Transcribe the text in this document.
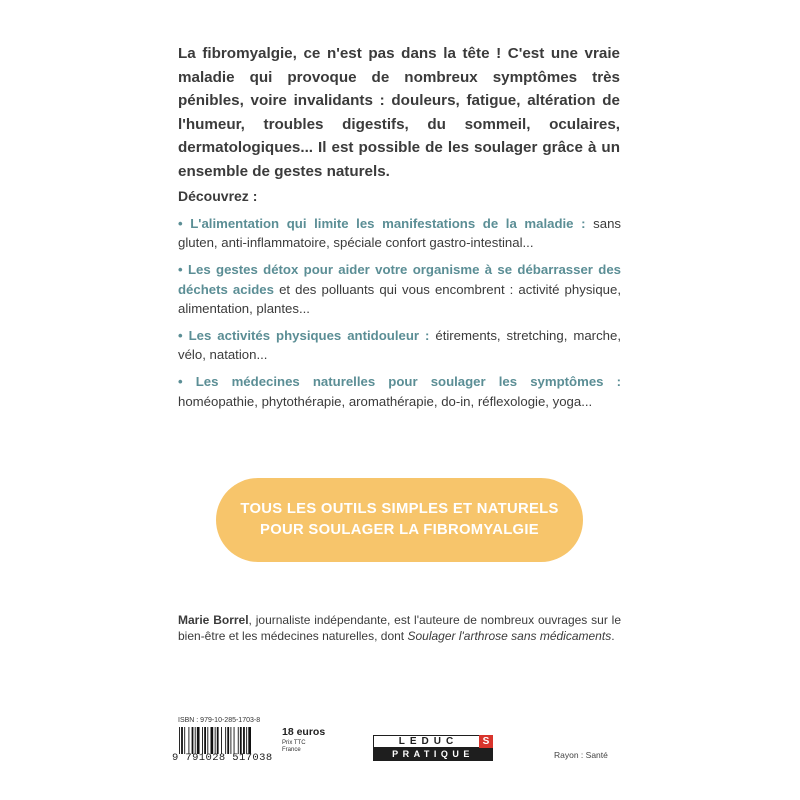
La fibromyalgie, ce n'est pas dans la tête ! C'est une vraie maladie qui provoque de nombreux symptômes très pénibles, voire invalidants : douleurs, fatigue, altération de l'humeur, troubles digestifs, du sommeil, oculaires, dermatologiques... Il est possible de les soulager grâce à un ensemble de gestes naturels.

Découvrez :

• L'alimentation qui limite les manifestations de la maladie : sans gluten, anti-inflammatoire, spéciale confort gastro-intestinal...
• Les gestes détox pour aider votre organisme à se débarrasser des déchets acides et des polluants qui vous encombrent : activité physique, alimentation, plantes...
• Les activités physiques antidouleur : étirements, stretching, marche, vélo, natation...
• Les médecines naturelles pour soulager les symptômes : homéopathie, phytothérapie, aromathérapie, do-in, réflexologie, yoga...
TOUS LES OUTILS SIMPLES ET NATURELS
POUR SOULAGER LA FIBROMYALGIE

Marie Borrel, journaliste indépendante, est l'auteure de nombreux ouvrages sur le bien-être et les médecines naturelles, dont Soulager l'arthrose sans médicaments.

ISBN : 979-10-285-1703-8
9 791028 517038
18 euros
Prix TTC France
LEDUC	S
PRATIQUE	Rayon : Santé
